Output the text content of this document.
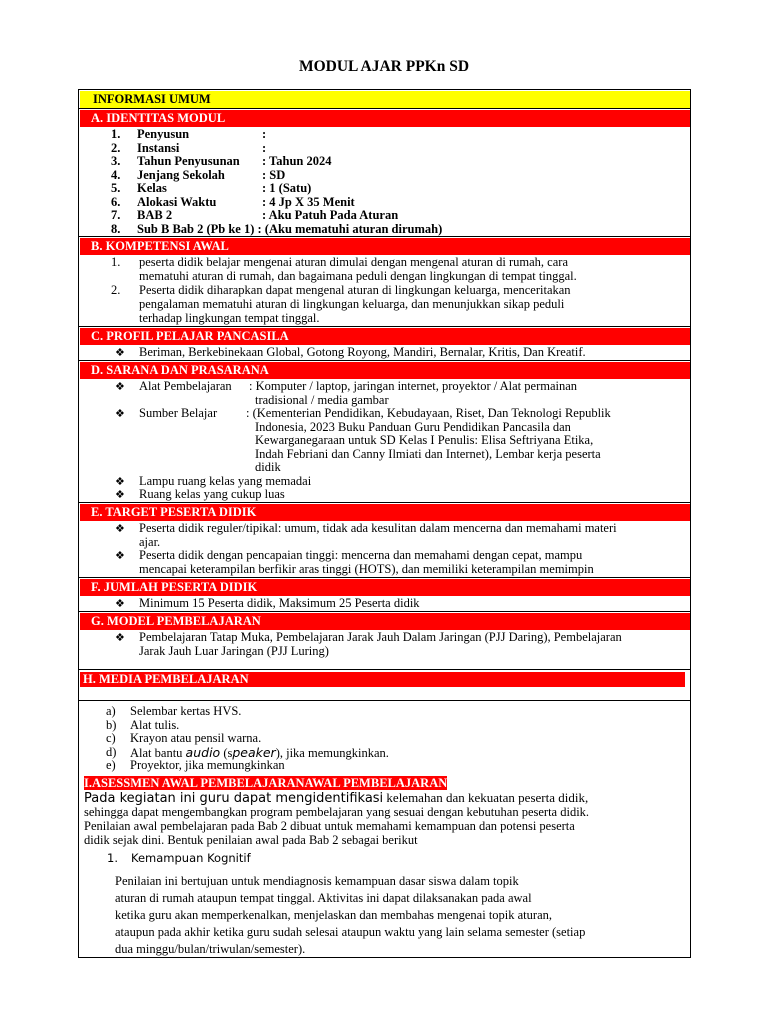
MODUL AJAR PPKn SD
INFORMASI UMUM
A. IDENTITAS MODUL
1. Penyusun	:
2. Instansi	:
3. Tahun Penyusunan : Tahun 2024
4. Jenjang Sekolah	: SD
5. Kelas	: 1 (Satu)
6. Alokasi Waktu	: 4 Jp X 35 Menit
7. BAB 2	: Aku Patuh Pada Aturan
8. Sub B Bab 2 (Pb ke 1) : (Aku mematuhi aturan dirumah)
B. KOMPETENSI AWAL
1. peserta didik belajar mengenai aturan dimulai dengan mengenal aturan di rumah, cara
mematuhi aturan di rumah, dan bagaimana peduli dengan lingkungan di tempat tinggal.
2. Peserta didik diharapkan dapat mengenal aturan di lingkungan keluarga, menceritakan
pengalaman mematuhi aturan di lingkungan keluarga, dan menunjukkan sikap peduli
terhadap lingkungan tempat tinggal.
C. PROFIL PELAJAR PANCASILA
❖ Beriman, Berkebinekaan Global, Gotong Royong, Mandiri, Bernalar, Kritis, Dan Kreatif.
D. SARANA DAN PRASARANA
❖ Alat Pembelajaran : Komputer / laptop, jaringan internet, proyektor / Alat permainan
tradisional / media gambar
❖ Sumber Belajar : (Kementerian Pendidikan, Kebudayaan, Riset, Dan Teknologi Republik
Indonesia, 2023 Buku Panduan Guru Pendidikan Pancasila dan
Kewarganegaraan untuk SD Kelas I Penulis: Elisa Seftriyana Etika,
Indah Febriani dan Canny Ilmiati dan Internet), Lembar kerja peserta
didik
❖ Lampu ruang kelas yang memadai
❖ Ruang kelas yang cukup luas
E. TARGET PESERTA DIDIK
❖ Peserta didik reguler/tipikal: umum, tidak ada kesulitan dalam mencerna dan memahami materi
ajar.
❖ Peserta didik dengan pencapaian tinggi: mencerna dan memahami dengan cepat, mampu
mencapai keterampilan berfikir aras tinggi (HOTS), dan memiliki keterampilan memimpin
F. JUMLAH PESERTA DIDIK
❖ Minimum 15 Peserta didik, Maksimum 25 Peserta didik
G. MODEL PEMBELAJARAN
❖ Pembelajaran Tatap Muka, Pembelajaran Jarak Jauh Dalam Jaringan (PJJ Daring), Pembelajaran
Jarak Jauh Luar Jaringan (PJJ Luring)
H. MEDIA PEMBELAJARAN
a) Selembar kertas HVS.
b) Alat tulis.
c) Krayon atau pensil warna.
d) Alat bantu audio (speaker), jika memungkinkan.
e) Proyektor, jika memungkinkan
I.ASESSMEN AWAL PEMBELAJARANAWAL PEMBELAJARAN
Pada kegiatan ini guru dapat mengidentifikasi kelemahan dan kekuatan peserta didik,
sehingga dapat mengembangkan program pembelajaran yang sesuai dengan kebutuhan peserta didik.
Penilaian awal pembelajaran pada Bab 2 dibuat untuk memahami kemampuan dan potensi peserta
didik sejak dini. Bentuk penilaian awal pada Bab 2 sebagai berikut
1. Kemampuan Kognitif
Penilaian ini bertujuan untuk mendiagnosis kemampuan dasar siswa dalam topik
aturan di rumah ataupun tempat tinggal. Aktivitas ini dapat dilaksanakan pada awal
ketika guru akan memperkenalkan, menjelaskan dan membahas mengenai topik aturan,
ataupun pada akhir ketika guru sudah selesai ataupun waktu yang lain selama semester (setiap
dua minggu/bulan/triwulan/semester).
